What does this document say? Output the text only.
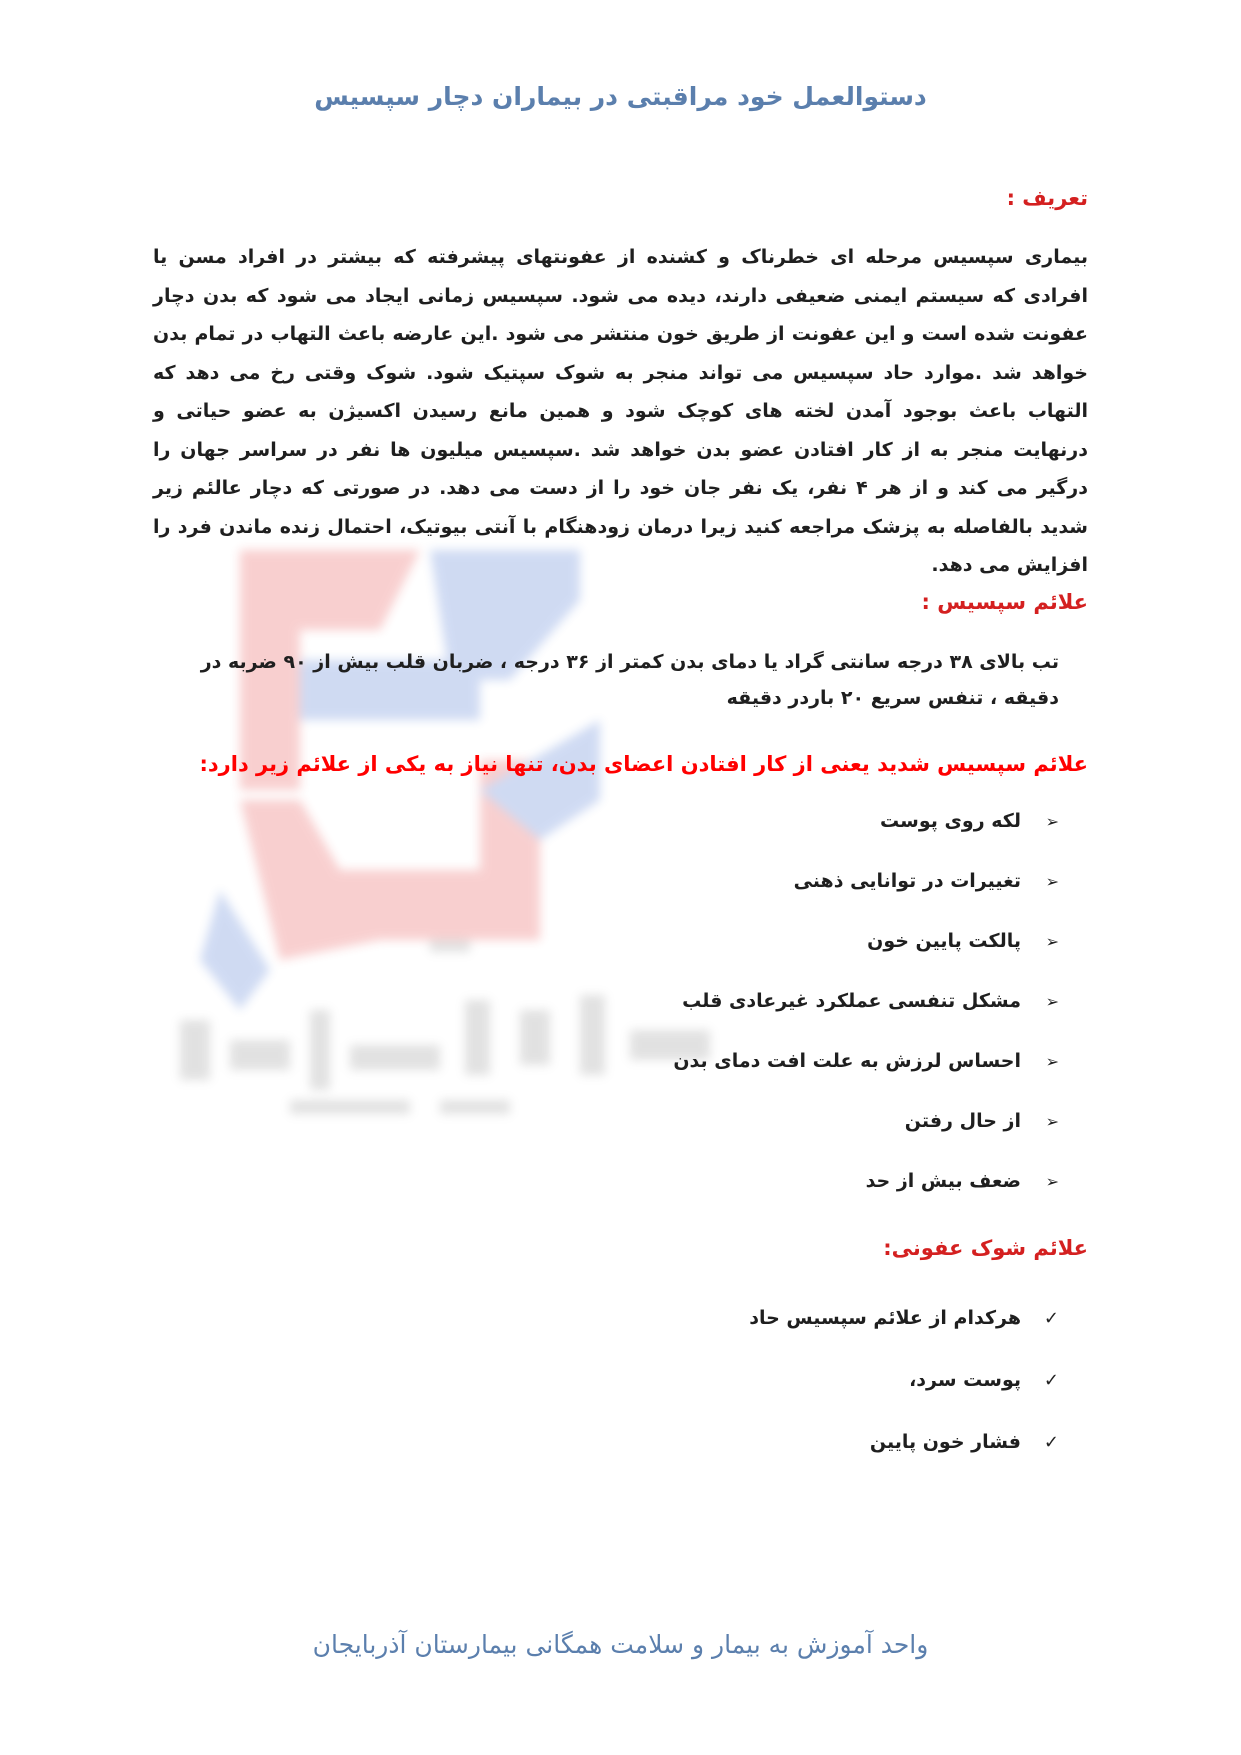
دستوالعمل خود مراقبتی در بیماران دچار سپسیس
تعریف :

بیماری سپسیس مرحله ای خطرناک و کشنده از عفونتهای پیشرفته که بیشتر در افراد مسن یا افرادی که سیستم ایمنی ضعیفی دارند، دیده می شود. سپسیس زمانی ایجاد می شود که بدن دچار عفونت شده است و این عفونت از طریق خون منتشر می شود .این عارضه باعث التهاب در تمام بدن خواهد شد .موارد حاد سپسیس می تواند منجر به شوک سپتیک شود. شوک وقتی رخ می دهد که التهاب باعث بوجود آمدن لخته های کوچک شود و همین مانع رسیدن اکسیژن به عضو حیاتی و درنهایت منجر به از کار افتادن عضو بدن خواهد شد .سپسیس میلیون ها نفر در سراسر جهان را درگیر می کند و از هر ۴ نفر، یک نفر جان خود را از دست می دهد. در صورتی که دچار عالئم زیر شدید بالفاصله به پزشک مراجعه کنید زیرا درمان زودهنگام با آنتی بیوتیک، احتمال زنده ماندن فرد را افزایش می دهد.

علائم سپسیس :

تب بالای ۳۸ درجه سانتی گراد یا دمای بدن کمتر از ۳۶ درجه ، ضربان قلب بیش از ۹۰ ضربه در دقیقه ، تنفس سریع ۲۰ باردر دقیقه

علائم سپسیس شدید یعنی از کار افتادن اعضای بدن، تنها نیاز به یکی از علائم زیر دارد:
➢
لکه روی پوست
➢
تغییرات در توانایی ذهنی
➢
پالکت پایین خون
➢
مشکل تنفسی عملکرد غیرعادی قلب
➢
احساس لرزش به علت افت دمای بدن
➢
از حال رفتن
➢
ضعف بیش از حد
علائم شوک عفونی:
✓
هرکدام از علائم سپسیس حاد
✓
پوست سرد،
✓
فشار خون پایین
واحد آموزش به بیمار و سلامت همگانی بیمارستان آذربایجان
